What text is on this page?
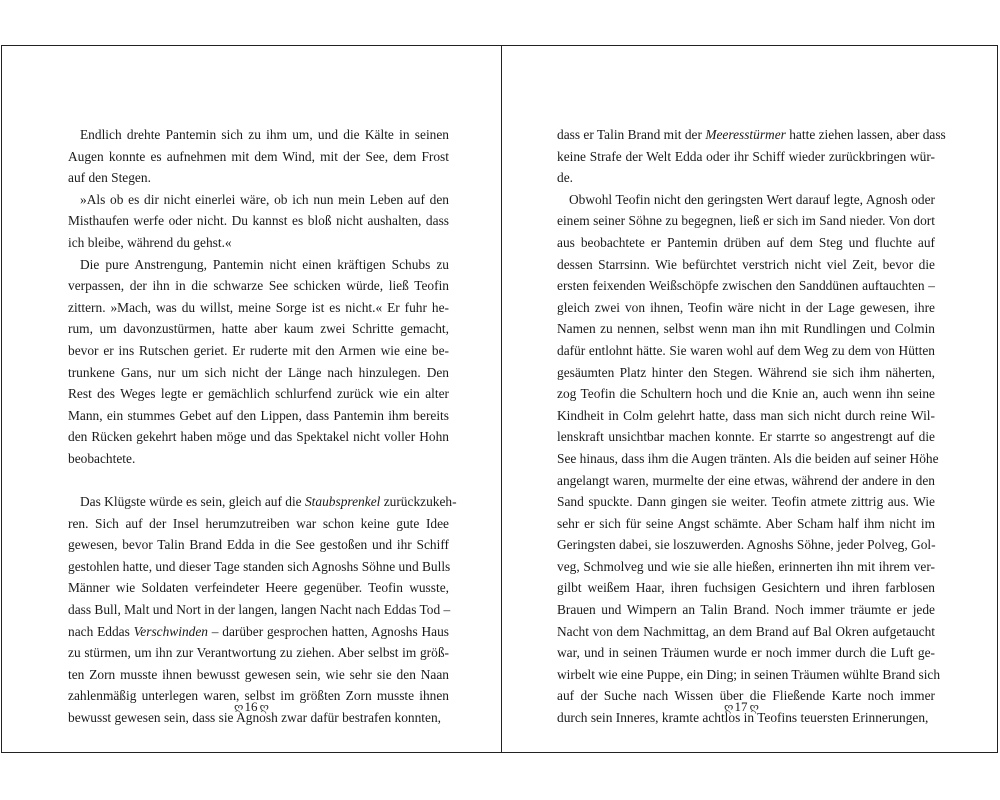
Endlich drehte Pantemin sich zu ihm um, und die Kälte in seinen
Augen konnte es aufnehmen mit dem Wind, mit der See, dem Frost
auf den Stegen.
»Als ob es dir nicht einerlei wäre, ob ich nun mein Leben auf den
Misthaufen werfe oder nicht. Du kannst es bloß nicht aushalten, dass
ich bleibe, während du gehst.«
Die pure Anstrengung, Pantemin nicht einen kräftigen Schubs zu
verpassen, der ihn in die schwarze See schicken würde, ließ Teofin
zittern. »Mach, was du willst, meine Sorge ist es nicht.« Er fuhr he-
rum, um davonzustürmen, hatte aber kaum zwei Schritte gemacht,
bevor er ins Rutschen geriet. Er ruderte mit den Armen wie eine be-
trunkene Gans, nur um sich nicht der Länge nach hinzulegen. Den
Rest des Weges legte er gemächlich schlurfend zurück wie ein alter
Mann, ein stummes Gebet auf den Lippen, dass Pantemin ihm bereits
den Rücken gekehrt haben möge und das Spektakel nicht voller Hohn
beobachtete.
Das Klügste würde es sein, gleich auf die Staubsprenkel zurückzukeh-
ren. Sich auf der Insel herumzutreiben war schon keine gute Idee
gewesen, bevor Talin Brand Edda in die See gestoßen und ihr Schiff
gestohlen hatte, und dieser Tage standen sich Agnoshs Söhne und Bulls
Männer wie Soldaten verfeindeter Heere gegenüber. Teofin wusste,
dass Bull, Malt und Nort in der langen, langen Nacht nach Eddas Tod –
nach Eddas Verschwinden – darüber gesprochen hatten, Agnoshs Haus
zu stürmen, um ihn zur Verantwortung zu ziehen. Aber selbst im größ-
ten Zorn musste ihnen bewusst gewesen sein, wie sehr sie den Naan
zahlenmäßig unterlegen waren, selbst im größten Zorn musste ihnen
bewusst gewesen sein, dass sie Agnosh zwar dafür bestrafen konnten,
ღ 16 ღ
dass er Talin Brand mit der Meeresstürmer hatte ziehen lassen, aber dass
keine Strafe der Welt Edda oder ihr Schiff wieder zurückbringen wür-
de.
Obwohl Teofin nicht den geringsten Wert darauf legte, Agnosh oder
einem seiner Söhne zu begegnen, ließ er sich im Sand nieder. Von dort
aus beobachtete er Pantemin drüben auf dem Steg und fluchte auf
dessen Starrsinn. Wie befürchtet verstrich nicht viel Zeit, bevor die
ersten feixenden Weißschöpfe zwischen den Sanddünen auftauchten –
gleich zwei von ihnen, Teofin wäre nicht in der Lage gewesen, ihre
Namen zu nennen, selbst wenn man ihn mit Rundlingen und Colmin
dafür entlohnt hätte. Sie waren wohl auf dem Weg zu dem von Hütten
gesäumten Platz hinter den Stegen. Während sie sich ihm näherten,
zog Teofin die Schultern hoch und die Knie an, auch wenn ihn seine
Kindheit in Colm gelehrt hatte, dass man sich nicht durch reine Wil-
lenskraft unsichtbar machen konnte. Er starrte so angestrengt auf die
See hinaus, dass ihm die Augen tränten. Als die beiden auf seiner Höhe
angelangt waren, murmelte der eine etwas, während der andere in den
Sand spuckte. Dann gingen sie weiter. Teofin atmete zittrig aus. Wie
sehr er sich für seine Angst schämte. Aber Scham half ihm nicht im
Geringsten dabei, sie loszuwerden. Agnoshs Söhne, jeder Polveg, Gol-
veg, Schmolveg und wie sie alle hießen, erinnerten ihn mit ihrem ver-
gilbt weißem Haar, ihren fuchsigen Gesichtern und ihren farblosen
Brauen und Wimpern an Talin Brand. Noch immer träumte er jede
Nacht von dem Nachmittag, an dem Brand auf Bal Okren aufgetaucht
war, und in seinen Träumen wurde er noch immer durch die Luft ge-
wirbelt wie eine Puppe, ein Ding; in seinen Träumen wühlte Brand sich
auf der Suche nach Wissen über die Fließende Karte noch immer
durch sein Inneres, kramte achtlos in Teofins teuersten Erinnerungen,
ღ 17 ღ
